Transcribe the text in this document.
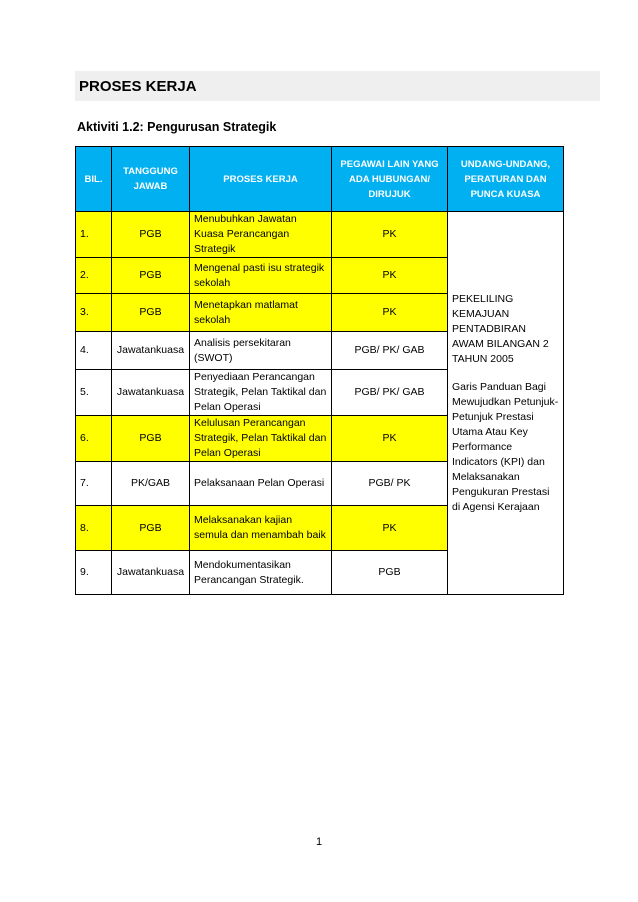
PROSES KERJA
Aktiviti 1.2: Pengurusan Strategik
BIL.	TANGGUNG JAWAB	PROSES KERJA	PEGAWAI LAIN YANG ADA HUBUNGAN/ DIRUJUK	UNDANG-UNDANG, PERATURAN DAN PUNCA KUASA
1.	PGB	Menubuhkan Jawatan Kuasa Perancangan Strategik	PK	PEKELILING KEMAJUAN PENTADBIRAN AWAM BILANGAN 2 TAHUN 2005

Garis Panduan Bagi Mewujudkan Petunjuk-Petunjuk Prestasi Utama Atau Key Performance Indicators (KPI) dan Melaksanakan Pengukuran Prestasi di Agensi Kerajaan

2.	PGB	Mengenal pasti isu strategik sekolah	PK	
3.	PGB	Menetapkan matlamat sekolah	PK	
4.	Jawatankuasa	Analisis persekitaran (SWOT)	PGB/ PK/ GAB	
5.	Jawatankuasa	Penyediaan Perancangan Strategik, Pelan Taktikal dan Pelan Operasi	PGB/ PK/ GAB	
6.	PGB	Kelulusan Perancangan Strategik, Pelan Taktikal dan Pelan Operasi	PK	
7.	PK/GAB	Pelaksanaan Pelan Operasi	PGB/ PK	
8.	PGB	Melaksanakan kajian semula dan menambah baik	PK	
9.	Jawatankuasa	Mendokumentasikan Perancangan Strategik.	PGB	
1
